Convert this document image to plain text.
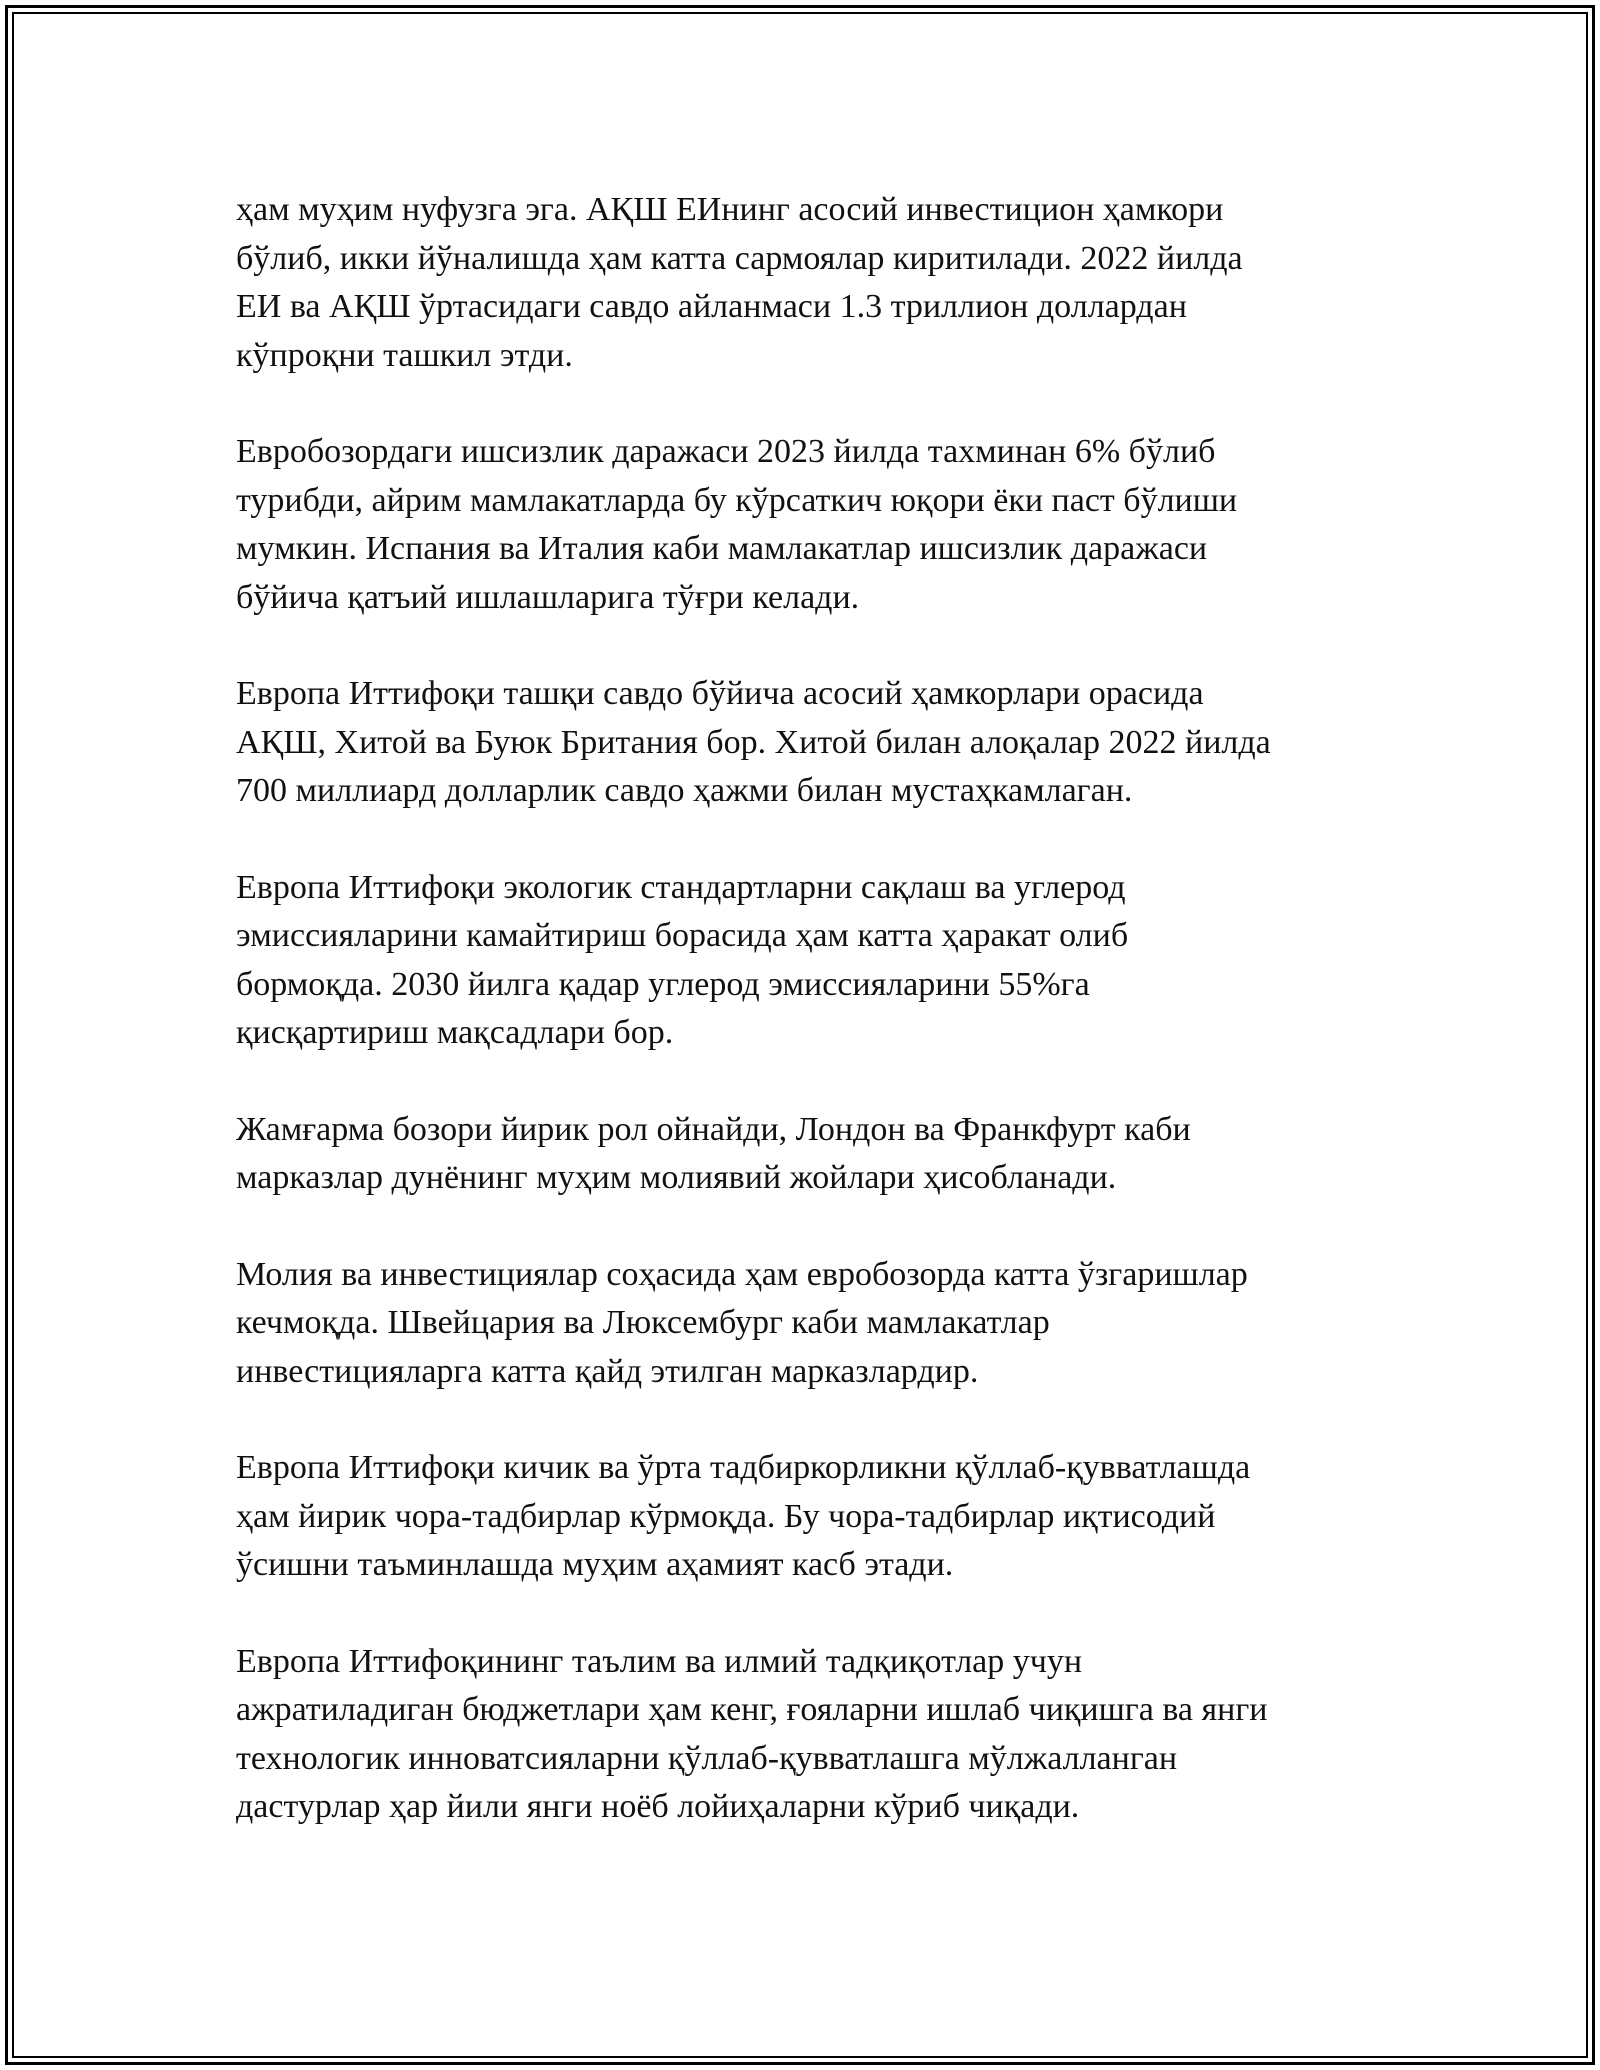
ҳам муҳим нуфузга эга. АҚШ ЕИнинг асосий инвестицион ҳамкори
бўлиб, икки йўналишда ҳам катта сармоялар киритилади. 2022 йилда
ЕИ ва АҚШ ўртасидаги савдо айланмаси 1.3 триллион доллардан
кўпроқни ташкил этди.

Евробозордаги ишсизлик даражаси 2023 йилда тахминан 6% бўлиб
турибди, айрим мамлакатларда бу кўрсаткич юқори ёки паст бўлиши
мумкин. Испания ва Италия каби мамлакатлар ишсизлик даражаси
бўйича қатъий ишлашларига тўғри келади.

Европа Иттифоқи ташқи савдо бўйича асосий ҳамкорлари орасида
АҚШ, Хитой ва Буюк Британия бор. Хитой билан алоқалар 2022 йилда
700 миллиард долларлик савдо ҳажми билан мустаҳкамлаган.

Европа Иттифоқи экологик стандартларни сақлаш ва углерод
эмиссияларини камайтириш борасида ҳам катта ҳаракат олиб
бормоқда. 2030 йилга қадар углерод эмиссияларини 55%га
қисқартириш мақсадлари бор.

Жамғарма бозори йирик рол ойнайди, Лондон ва Франкфурт каби
марказлар дунёнинг муҳим молиявий жойлари ҳисобланади.

Молия ва инвестициялар соҳасида ҳам евробозорда катта ўзгаришлар
кечмоқда. Швейцария ва Люксембург каби мамлакатлар
инвестицияларга катта қайд этилган марказлардир.

Европа Иттифоқи кичик ва ўрта тадбиркорликни қўллаб-қувватлашда
ҳам йирик чора-тадбирлар кўрмоқда. Бу чора-тадбирлар иқтисодий
ўсишни таъминлашда муҳим аҳамият касб этади.

Европа Иттифоқининг таълим ва илмий тадқиқотлар учун
ажратиладиган бюджетлари ҳам кенг, ғояларни ишлаб чиқишга ва янги
технологик инноватсияларни қўллаб-қувватлашга мўлжалланган
дастурлар ҳар йили янги ноёб лойиҳаларни кўриб чиқади.
